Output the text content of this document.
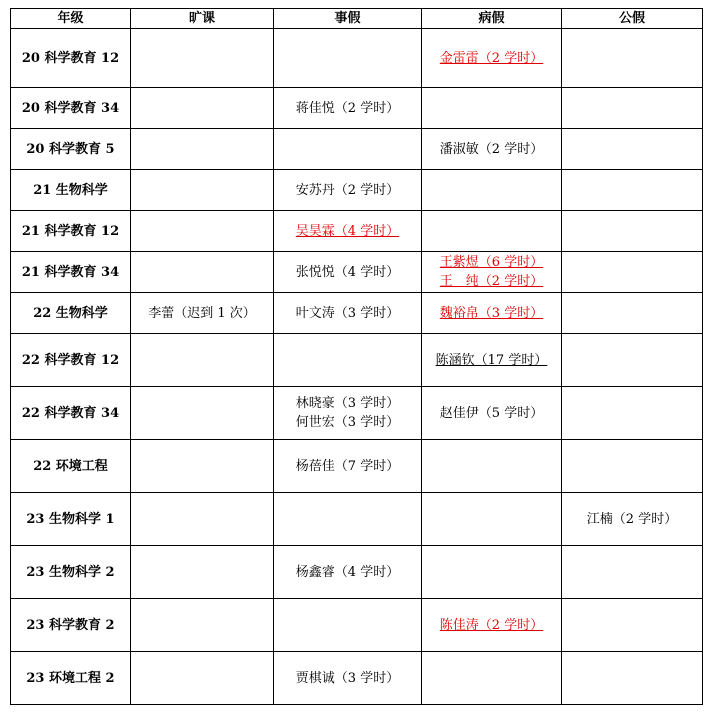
年级	旷课	事假	病假	公假
20 科学教育 12			金雷雷（2 学时）	

20 科学教育 34		蒋佳悦（2 学时）		

20 科学教育 5			潘淑敏（2 学时）	

21 生物科学		安苏丹（2 学时）		

21 科学教育 12		吴昊霖（4 学时）		

21 科学教育 34		张悦悦（4 学时）	王紫煜（6 学时）
王　纯（2 学时）	

22 生物科学	李蕾（迟到 1 次）	叶文涛（3 学时）	魏裕帛（3 学时）	

22 科学教育 12			陈涵钦（17 学时）	

22 科学教育 34		林晓豪（3 学时）
何世宏（3 学时）	赵佳伊（5 学时）	

22 环境工程		杨蓓佳（7 学时）		

23 生物科学 1				江楠（2 学时）

23 生物科学 2		杨鑫睿（4 学时）		

23 科学教育 2			陈佳涛（2 学时）	

23 环境工程 2		贾棋诚（3 学时）		
